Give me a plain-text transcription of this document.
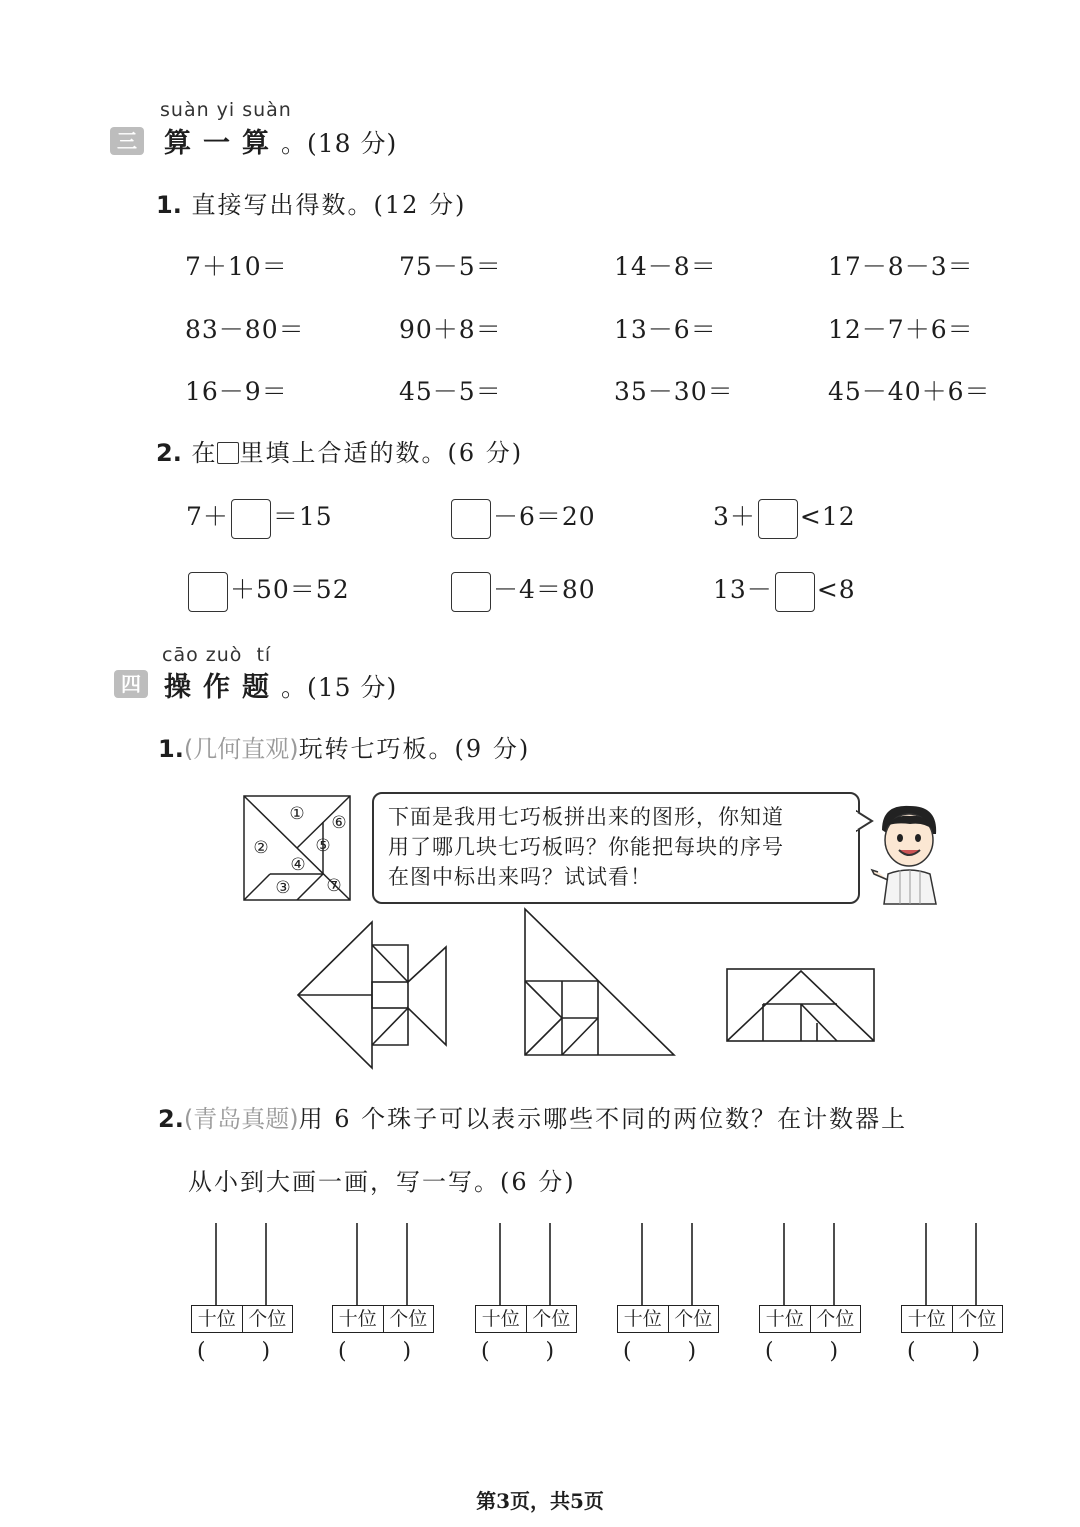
suàn yi suàn
三 算一算。(18 分)
1. 直接写出得数。(12 分)
7＋10＝	75－5＝	14－8＝	17－8－3＝
83－80＝	90＋8＝	13－6＝	12－7＋6＝
16－9＝	45－5＝	35－30＝	45－40＋6＝
2. 在 里填上合适的数。(6 分)
7＋ ＝15	－6＝20	3＋ <12
＋50＝52	－4＝80	13－ <8
cāo zuò  tí
四 操作题。(15 分)
1.(几何直观)玩转七巧板。(9 分)
①
②
③
④
⑤
⑥
⑦
下面是我用七巧板拼出来的图形，你知道
用了哪几块七巧板吗？你能把每块的序号
在图中标出来吗？试试看！
2.(青岛真题)用 6 个珠子可以表示哪些不同的两位数？在计数器上
从小到大画一画，写一写。(6 分)
十位 个位	十位 个位	十位 个位	十位 个位	十位 个位	十位 个位
(        )	(        )	(        )	(        )	(        )	(        )
第3页，共5页
